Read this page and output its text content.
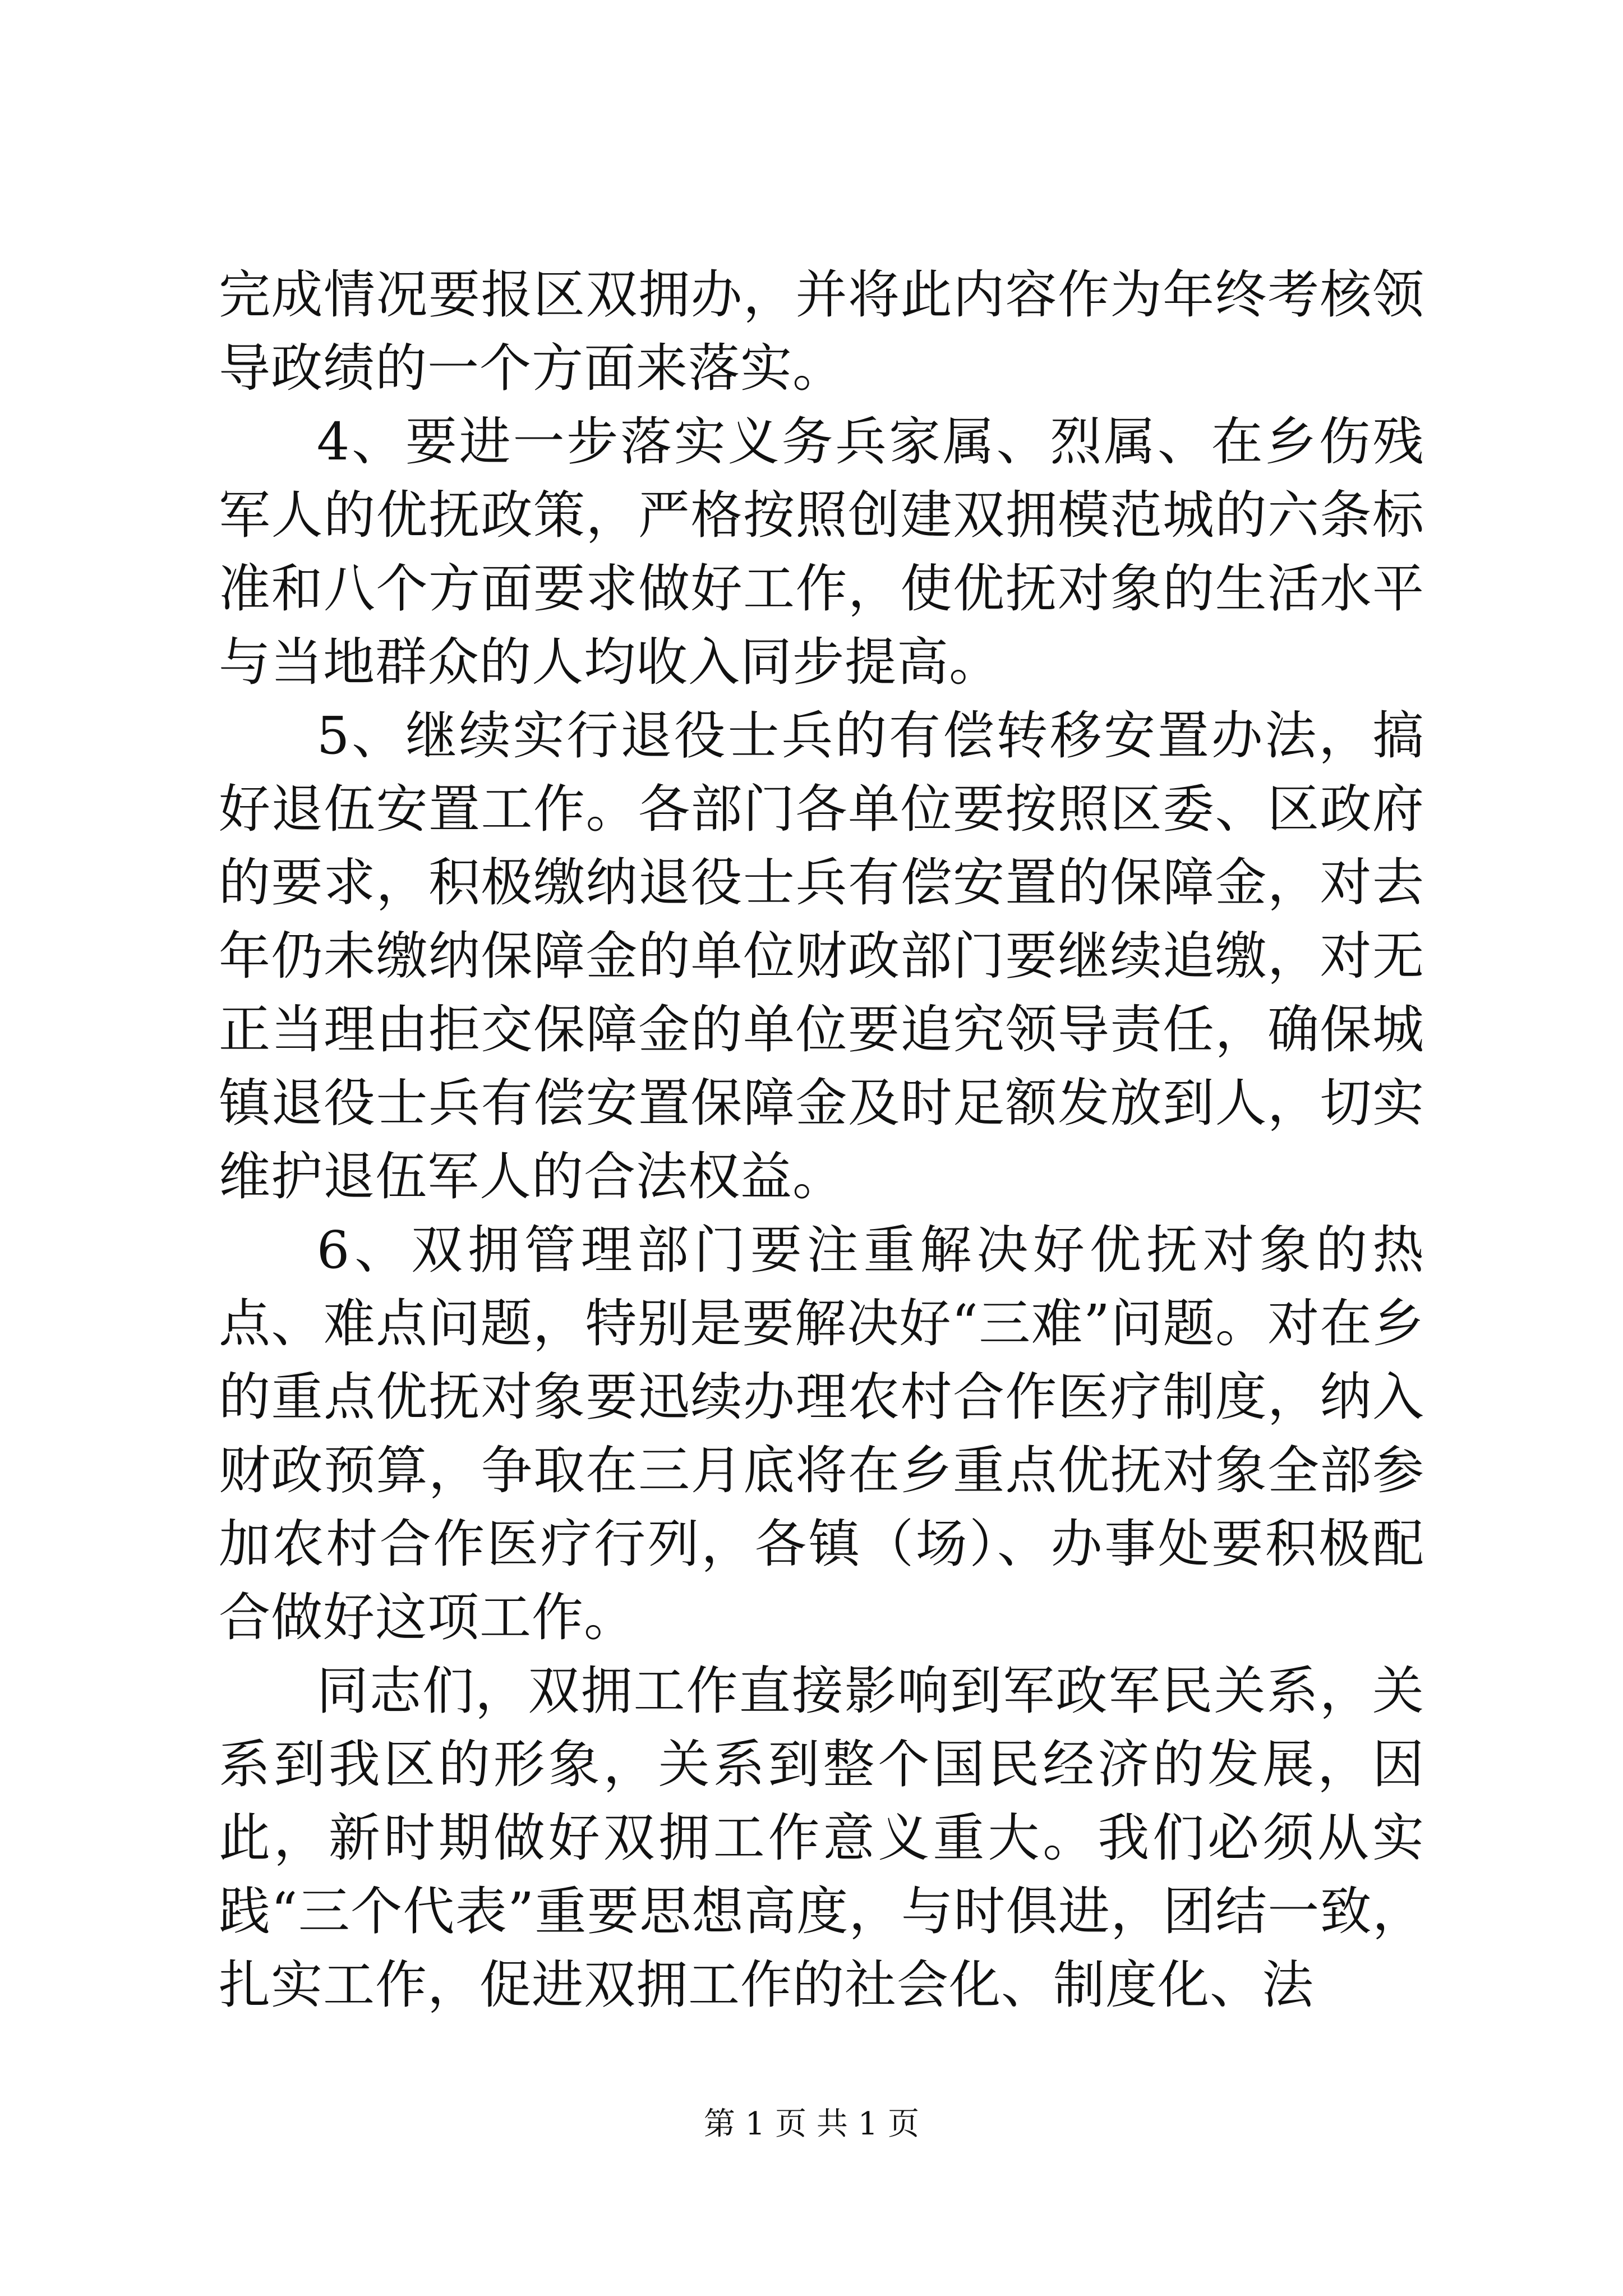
完成情况要报区双拥办，并将此内容作为年终考核领导政绩的一个方面来落实。

4、要进一步落实义务兵家属、烈属、在乡伤残军人的优抚政策，严格按照创建双拥模范城的六条标准和八个方面要求做好工作，使优抚对象的生活水平与当地群众的人均收入同步提高。

5、继续实行退役士兵的有偿转移安置办法，搞好退伍安置工作。各部门各单位要按照区委、区政府的要求，积极缴纳退役士兵有偿安置的保障金，对去年仍未缴纳保障金的单位财政部门要继续追缴，对无正当理由拒交保障金的单位要追究领导责任，确保城镇退役士兵有偿安置保障金及时足额发放到人，切实维护退伍军人的合法权益。

6、双拥管理部门要注重解决好优抚对象的热点、难点问题，特别是要解决好“三难”问题。对在乡的重点优抚对象要迅续办理农村合作医疗制度，纳入财政预算，争取在三月底将在乡重点优抚对象全部参加农村合作医疗行列，各镇（场）、办事处要积极配合做好这项工作。

同志们，双拥工作直接影响到军政军民关系，关系到我区的形象，关系到整个国民经济的发展，因此，新时期做好双拥工作意义重大。我们必须从实践“三个代表”重要思想高度，与时俱进，团结一致，扎实工作，促进双拥工作的社会化、制度化、法

第 1 页 共 1 页
